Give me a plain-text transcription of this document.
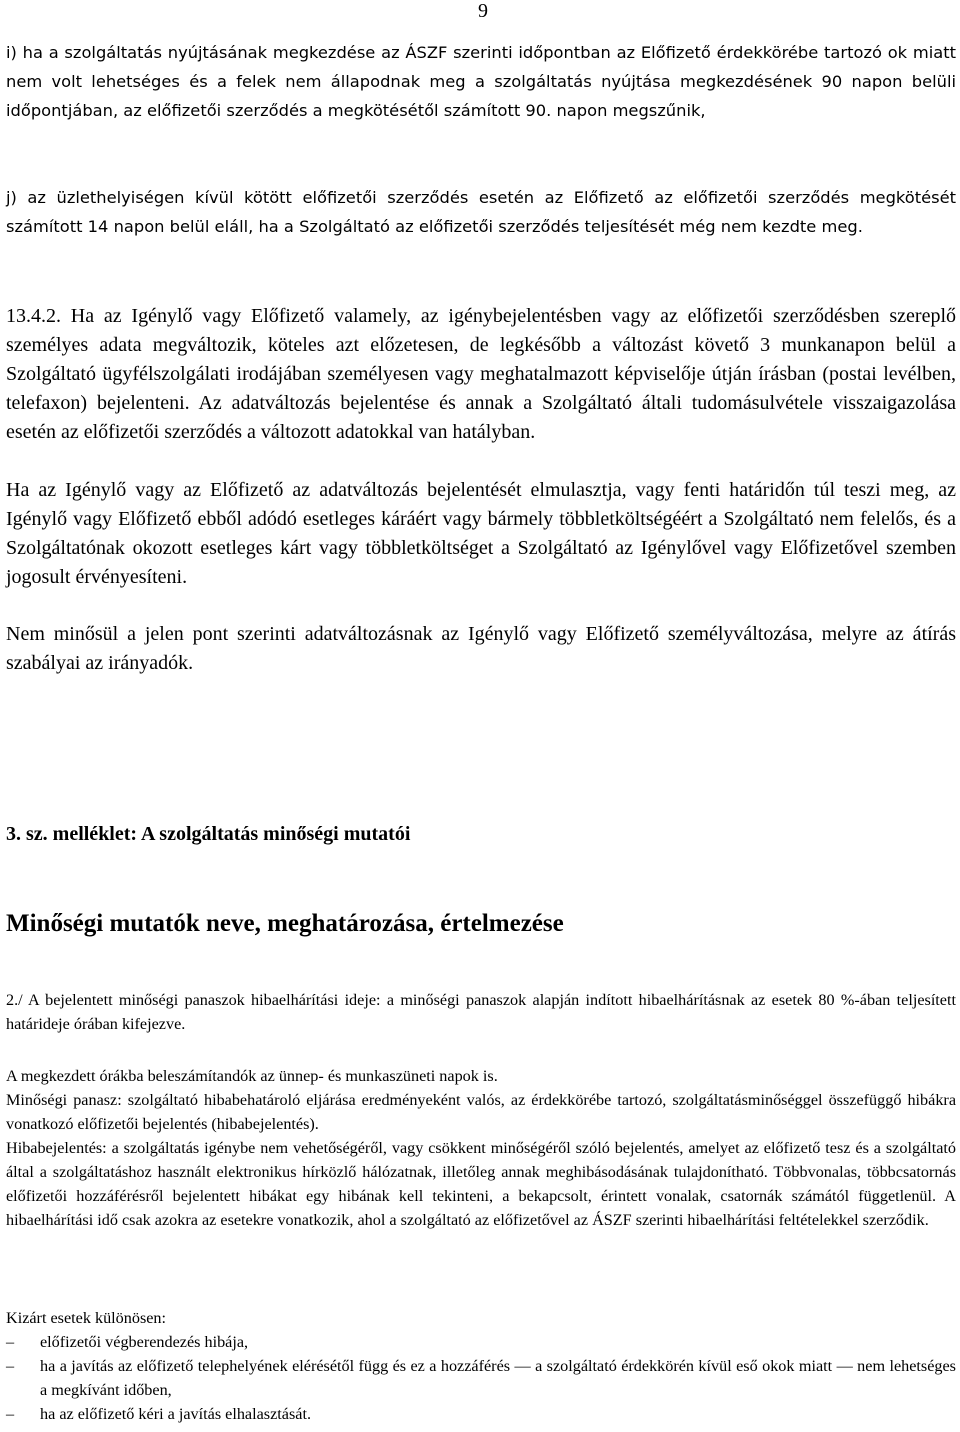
9
i) ha a szolgáltatás nyújtásának megkezdése az ÁSZF szerinti időpontban az Előfizető érdekkörébe tartozó ok miatt nem volt lehetséges és a felek nem állapodnak meg a szolgáltatás nyújtása megkezdésének 90 napon belüli időpontjában, az előfizetői szerződés a megkötésétől számított 90. napon megszűnik,
j) az üzlethelyiségen kívül kötött előfizetői szerződés esetén az Előfizető az előfizetői szerződés megkötését számított 14 napon belül eláll, ha a Szolgáltató az előfizetői szerződés teljesítését még nem kezdte meg.
13.4.2. Ha az Igénylő vagy Előfizető valamely, az igénybejelentésben vagy az előfizetői szerződésben szereplő személyes adata megváltozik, köteles azt előzetesen, de legkésőbb a változást követő 3 munkanapon belül a Szolgáltató ügyfélszolgálati irodájában személyesen vagy meghatalmazott képviselője útján írásban (postai levélben, telefaxon) bejelenteni. Az adatváltozás bejelentése és annak a Szolgáltató általi tudomásulvétele visszaigazolása esetén az előfizetői szerződés a változott adatokkal van hatályban.
Ha az Igénylő vagy az Előfizető az adatváltozás bejelentését elmulasztja, vagy fenti határidőn túl teszi meg, az Igénylő vagy Előfizető ebből adódó esetleges káráért vagy bármely többletköltségéért a Szolgáltató nem felelős, és a Szolgáltatónak okozott esetleges kárt vagy többletköltséget a Szolgáltató az Igénylővel vagy Előfizetővel szemben jogosult érvényesíteni.
Nem minősül a jelen pont szerinti adatváltozásnak az Igénylő vagy Előfizető személyváltozása, melyre az átírás szabályai az irányadók.
3. sz. melléklet: A szolgáltatás minőségi mutatói
Minőségi mutatók neve, meghatározása, értelmezése
2./ A bejelentett minőségi panaszok hibaelhárítási ideje: a minőségi panaszok alapján indított hibaelhárításnak az esetek 80 %-ában teljesített határideje órában kifejezve.
A megkezdett órákba beleszámítandók az ünnep- és munkaszüneti napok is.
Minőségi panasz: szolgáltató hibabehatároló eljárása eredményeként valós, az érdekkörébe tartozó, szolgáltatásminőséggel összefüggő hibákra vonatkozó előfizetői bejelentés (hibabejelentés).
Hibabejelentés: a szolgáltatás igénybe nem vehetőségéről, vagy csökkent minőségéről szóló bejelentés, amelyet az előfizető tesz és a szolgáltató által a szolgáltatáshoz használt elektronikus hírközlő hálózatnak, illetőleg annak meghibásodásának tulajdonítható. Többvonalas, többcsatornás előfizetői hozzáférésről bejelentett hibákat egy hibának kell tekinteni, a bekapcsolt, érintett vonalak, csatornák számától függetlenül. A hibaelhárítási idő csak azokra az esetekre vonatkozik, ahol a szolgáltató az előfizetővel az ÁSZF szerinti hibaelhárítási feltételekkel szerződik.
Kizárt esetek különösen:
– előfizetői végberendezés hibája,
– ha a javítás az előfizető telephelyének elérésétől függ és ez a hozzáférés — a szolgáltató érdekkörén kívül eső okok miatt — nem lehetséges a megkívánt időben,
– ha az előfizető kéri a javítás elhalasztását.
